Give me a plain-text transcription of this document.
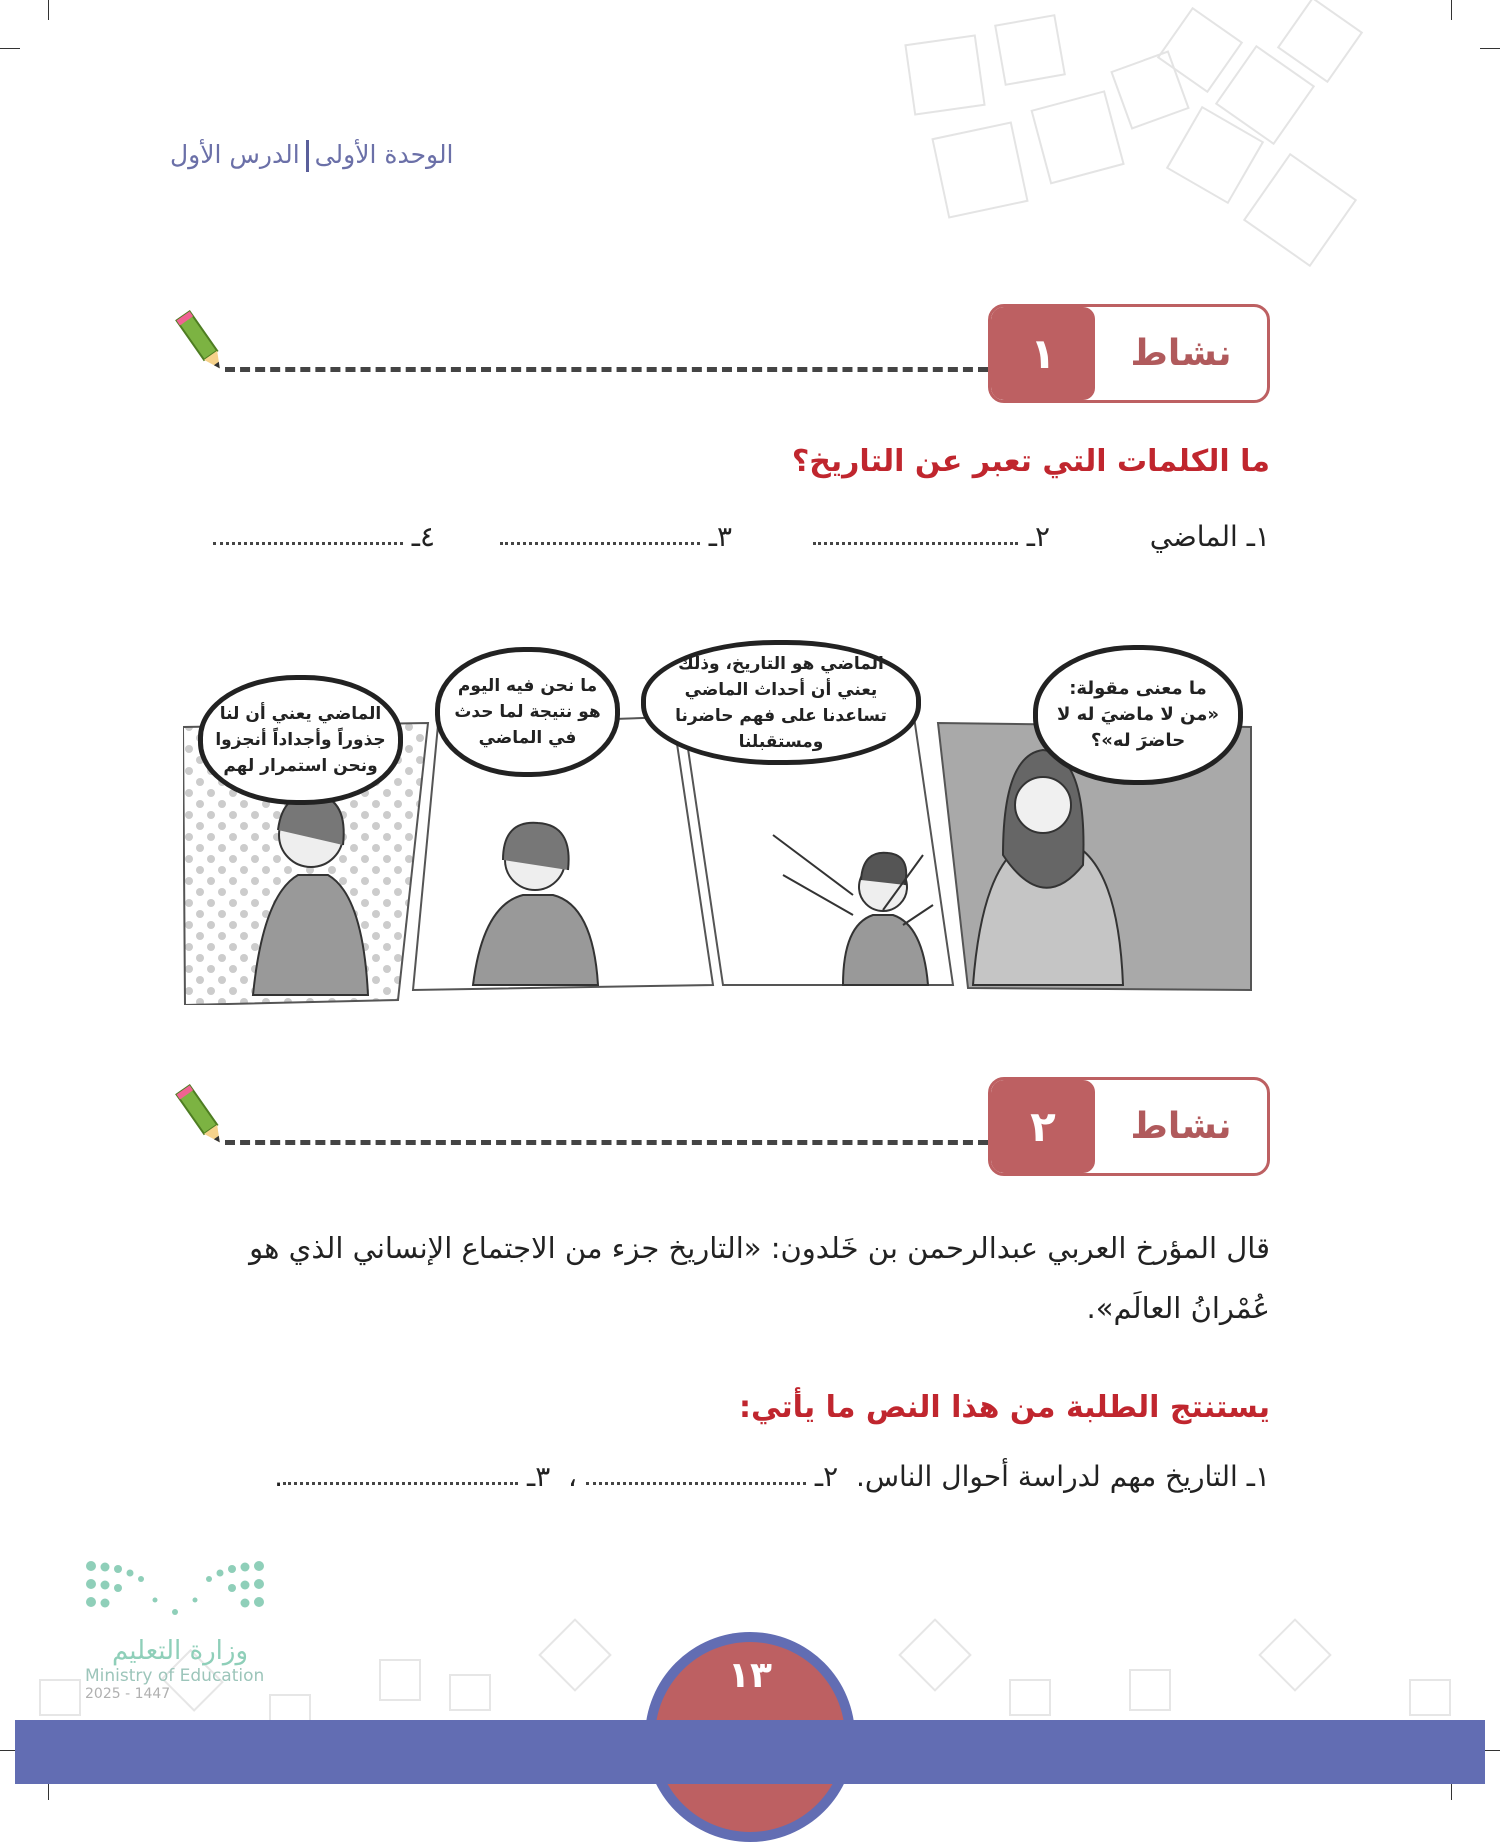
الوحدة الأولىالدرس الأول
١	نشاط
ما الكلمات التي تعبر عن التاريخ؟
١ـ الماضي
٢ـ
٣ـ
٤ـ
ما معنى مقولة: «من لا ماضيَ له لا حاضرَ له»؟
الماضي هو التاريخ، وذلك يعني أن أحداث الماضي تساعدنا على فهم حاضرنا ومستقبلنا
ما نحن فيه اليوم هو نتيجة لما حدث في الماضي
الماضي يعني أن لنا جذوراً وأجداداً أنجزوا ونحن استمرار لهم
٢	نشاط
قال المؤرخ العربي عبدالرحمن بن خَلدون: «التاريخ جزء من الاجتماع الإنساني الذي هو
عُمْرانُ العالَم».
يستنتج الطلبة من هذا النص ما يأتي:
١ـ التاريخ مهم لدراسة أحوال الناس.  ٢ـ  ،  ٣ـ .
وزارة التعليم
Ministry of Education
2025 - 1447	١٣
